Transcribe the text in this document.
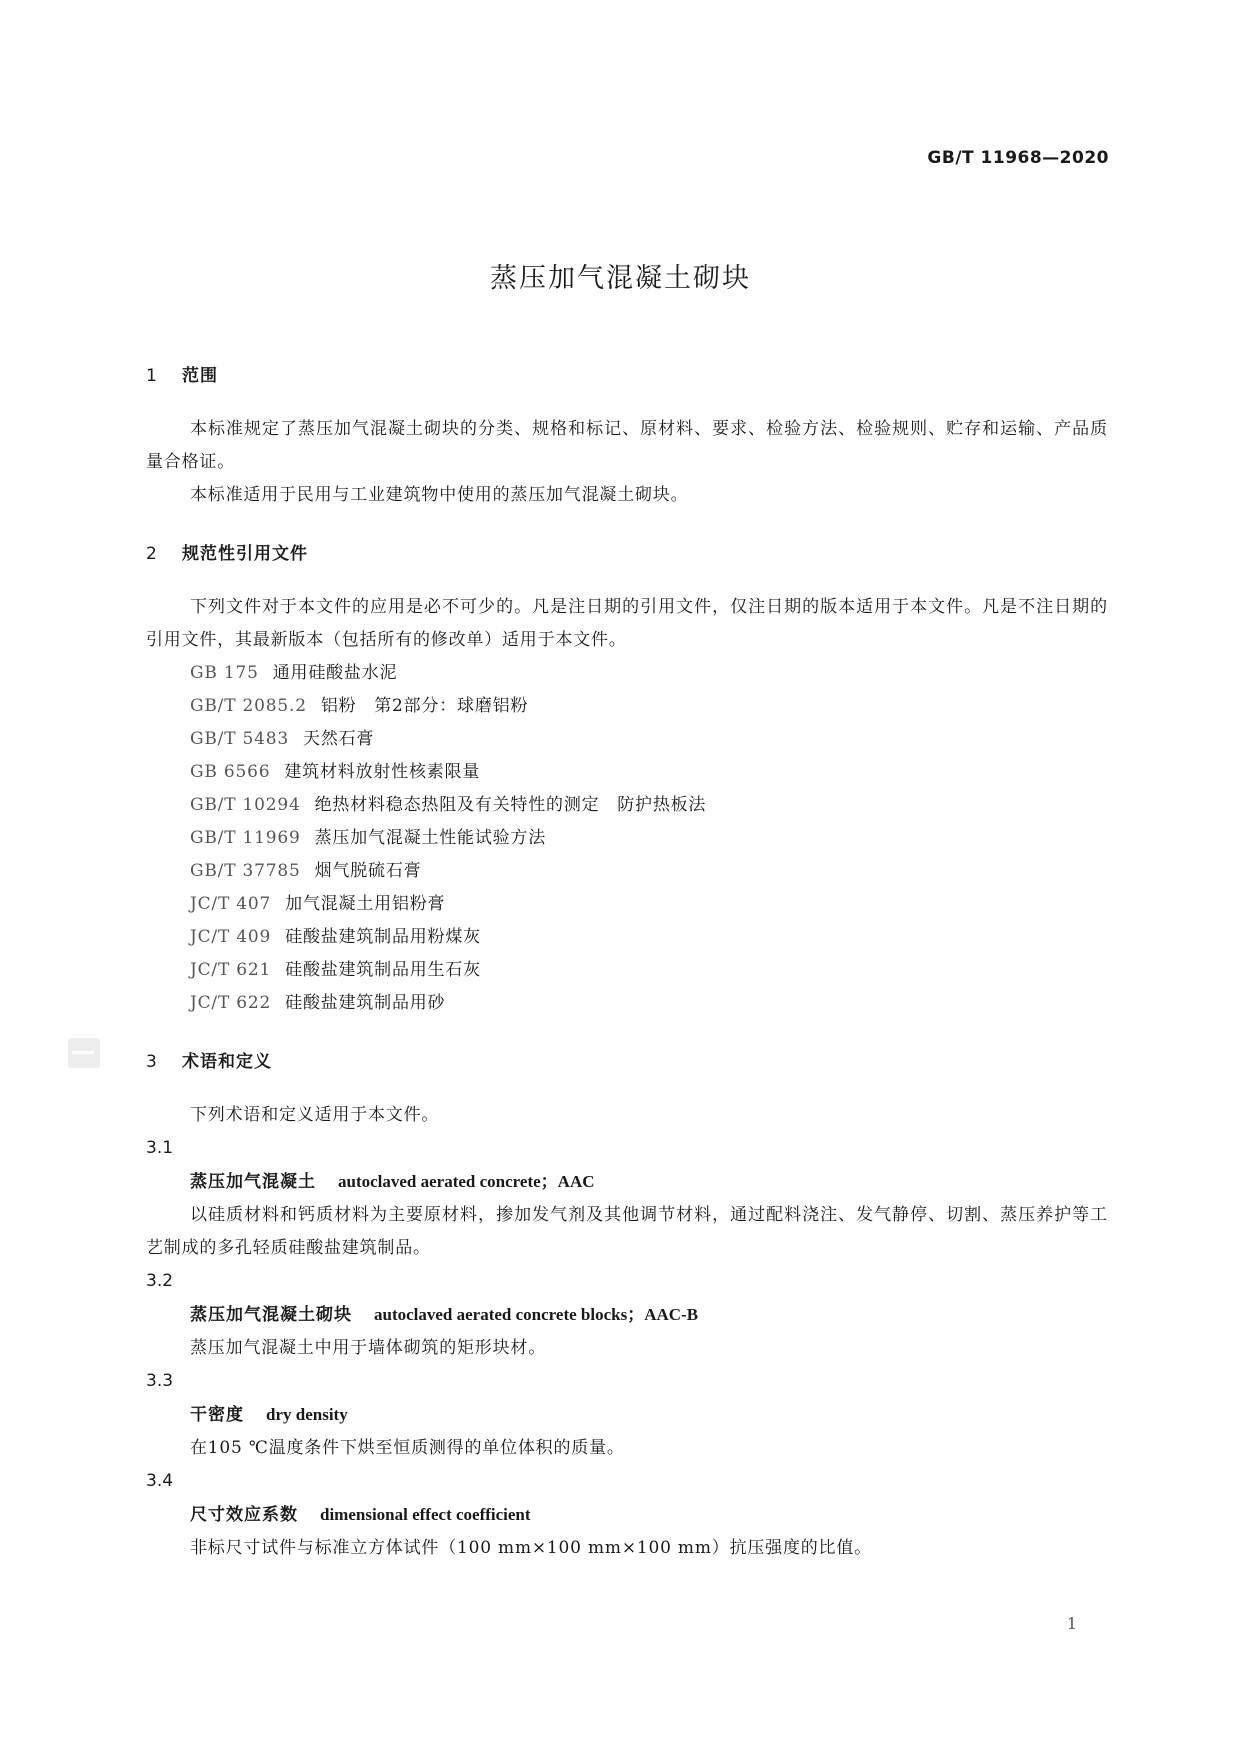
GB/T 11968—2020
蒸压加气混凝土砌块
1 范围
本标准规定了蒸压加气混凝土砌块的分类、规格和标记、原材料、要求、检验方法、检验规则、贮存和运输、产品质量合格证。
本标准适用于民用与工业建筑物中使用的蒸压加气混凝土砌块。
2 规范性引用文件
下列文件对于本文件的应用是必不可少的。凡是注日期的引用文件，仅注日期的版本适用于本文件。凡是不注日期的引用文件，其最新版本（包括所有的修改单）适用于本文件。
GB 175 通用硅酸盐水泥
GB/T 2085.2 铝粉　第2部分：球磨铝粉
GB/T 5483 天然石膏
GB 6566 建筑材料放射性核素限量
GB/T 10294 绝热材料稳态热阻及有关特性的测定　防护热板法
GB/T 11969 蒸压加气混凝土性能试验方法
GB/T 37785 烟气脱硫石膏
JC/T 407 加气混凝土用铝粉膏
JC/T 409 硅酸盐建筑制品用粉煤灰
JC/T 621 硅酸盐建筑制品用生石灰
JC/T 622 硅酸盐建筑制品用砂
3 术语和定义
下列术语和定义适用于本文件。
3.1
蒸压加气混凝土 autoclaved aerated concrete；AAC
以硅质材料和钙质材料为主要原材料，掺加发气剂及其他调节材料，通过配料浇注、发气静停、切割、蒸压养护等工艺制成的多孔轻质硅酸盐建筑制品。
3.2
蒸压加气混凝土砌块 autoclaved aerated concrete blocks；AAC-B
蒸压加气混凝土中用于墙体砌筑的矩形块材。
3.3
干密度 dry density
在105 ℃温度条件下烘至恒质测得的单位体积的质量。
3.4
尺寸效应系数 dimensional effect coefficient
非标尺寸试件与标准立方体试件（100 mm×100 mm×100 mm）抗压强度的比值。
1
